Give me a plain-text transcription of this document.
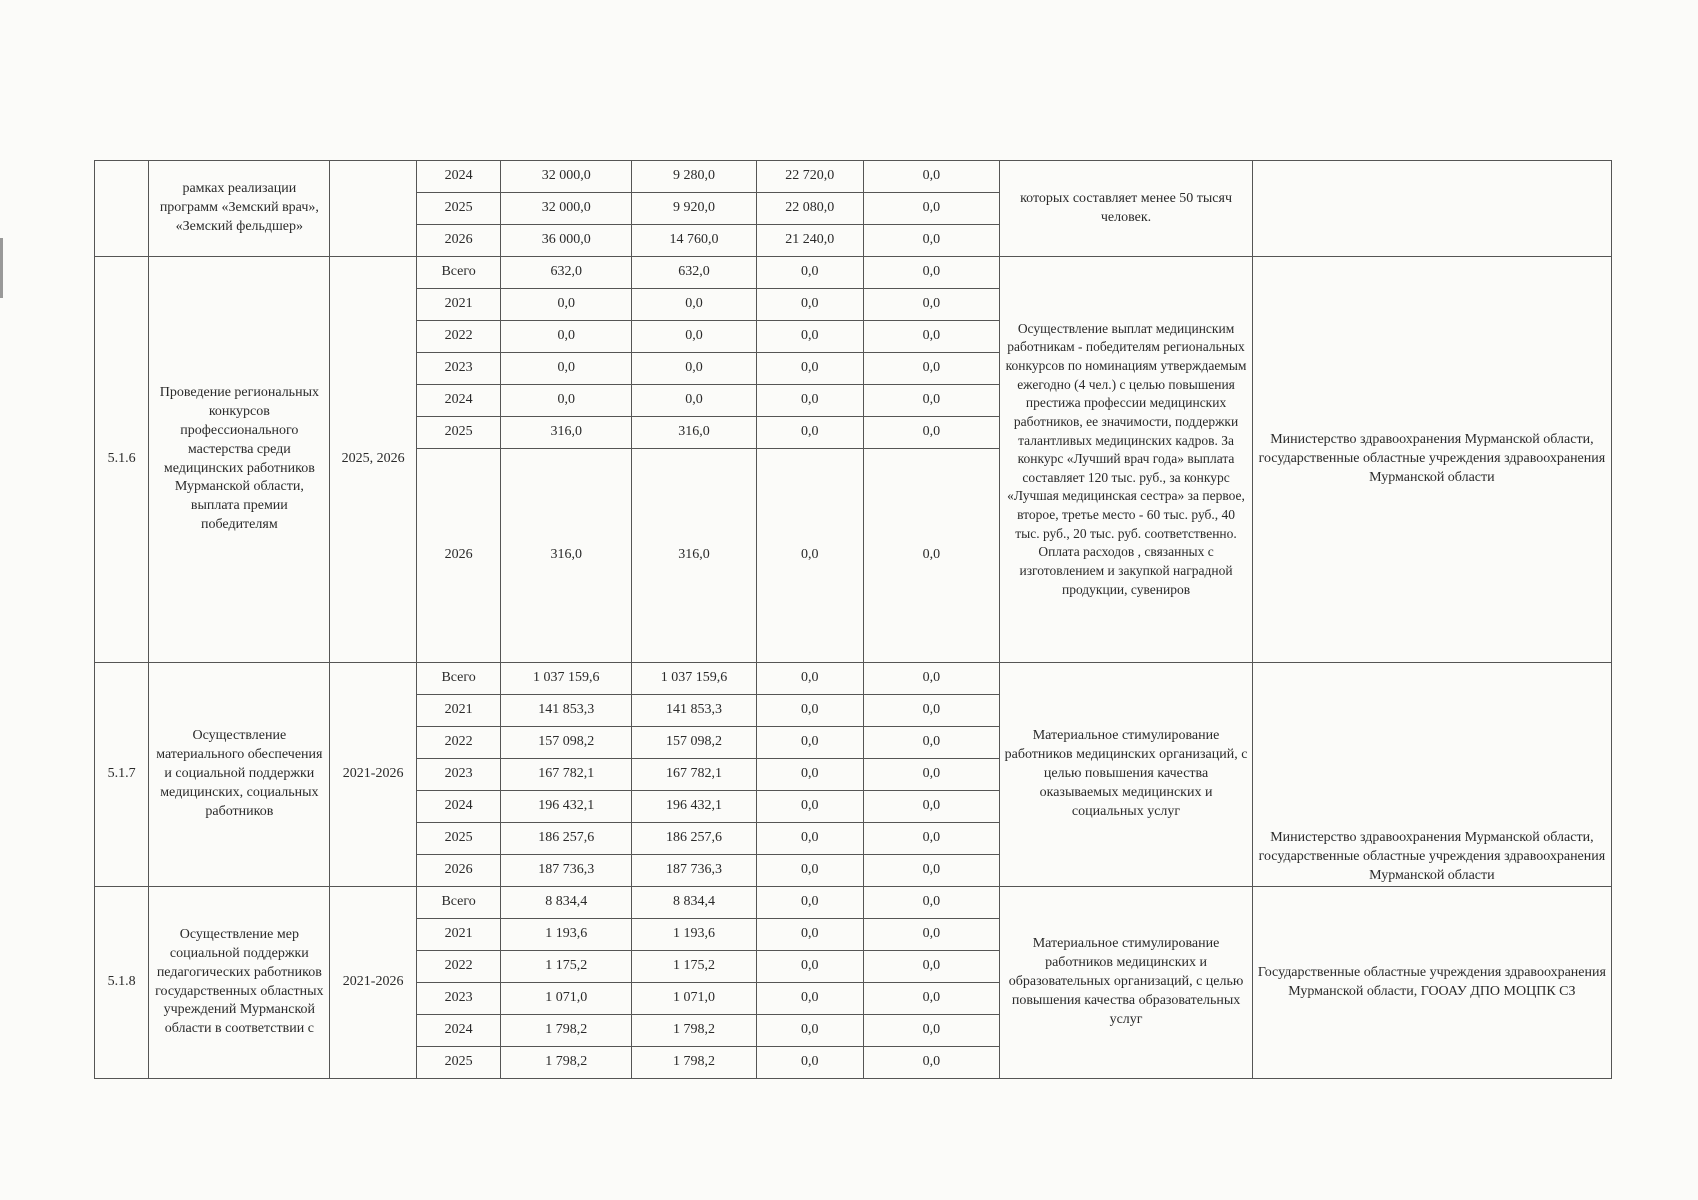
	рамках реализации программ «Земский врач», «Земский фельдшер»		2024	32 000,0	9 280,0	22 720,0	0,0	которых составляет менее 50 тысяч человек.	
			2025	32 000,0	9 920,0	22 080,0	0,0		
			2026	36 000,0	14 760,0	21 240,0	0,0		
5.1.6	Проведение региональных конкурсов профессионального мастерства среди медицинских работников Мурманской области, выплата премии победителям	2025, 2026	Всего	632,0	632,0	0,0	0,0	Осуществление выплат медицинским работникам - победителям региональных конкурсов по номинациям утверждаемым ежегодно (4 чел.) с целью повышения престижа профессии медицинских работников, ее значимости, поддержки талантливых медицинских кадров. За конкурс «Лучший врач года» выплата составляет 120 тыс. руб., за конкурс «Лучшая медицинская сестра» за первое, второе, третье место - 60 тыс. руб., 40 тыс. руб., 20 тыс. руб. соответственно. Оплата расходов , связанных с изготовлением и закупкой наградной продукции, сувениров	Министерство здравоохранения Мурманской области, государственные областные учреждения здравоохранения Мурманской области
			2021	0,0	0,0	0,0	0,0		
			2022	0,0	0,0	0,0	0,0		
			2023	0,0	0,0	0,0	0,0		
			2024	0,0	0,0	0,0	0,0		
			2025	316,0	316,0	0,0	0,0		
			2026	316,0	316,0	0,0	0,0		
5.1.7	Осуществление материального обеспечения и социальной поддержки медицинских, социальных работников	2021-2026	Всего	1 037 159,6	1 037 159,6	0,0	0,0	Материальное стимулирование работников медицинских организаций, с целью повышения качества оказываемых медицинских и социальных услуг	Министерство здравоохранения Мурманской области, государственные областные учреждения здравоохранения Мурманской области
			2021	141 853,3	141 853,3	0,0	0,0		
			2022	157 098,2	157 098,2	0,0	0,0		
			2023	167 782,1	167 782,1	0,0	0,0		
			2024	196 432,1	196 432,1	0,0	0,0		
			2025	186 257,6	186 257,6	0,0	0,0		
			2026	187 736,3	187 736,3	0,0	0,0		
5.1.8	Осуществление мер социальной поддержки педагогических работников государственных областных учреждений Мурманской области в соответствии с	2021-2026	Всего	8 834,4	8 834,4	0,0	0,0	Материальное стимулирование работников медицинских и образовательных организаций, с целью повышения качества образовательных услуг	Государственные областные учреждения здравоохранения Мурманской области, ГООАУ ДПО МОЦПК СЗ
			2021	1 193,6	1 193,6	0,0	0,0		
			2022	1 175,2	1 175,2	0,0	0,0		
			2023	1 071,0	1 071,0	0,0	0,0		
			2024	1 798,2	1 798,2	0,0	0,0		
			2025	1 798,2	1 798,2	0,0	0,0		
